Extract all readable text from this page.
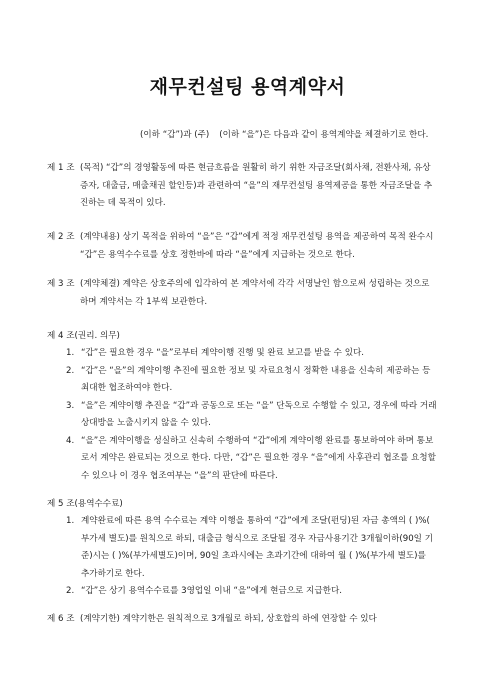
재무컨설팅 용역계약서
(이하 “갑”)과 (주) (이하 “을”)은 다음과 같이 용역계약을 체결하기로 한다.
제 1 조 (목적) “갑”의 경영활동에 따른 현금흐름을 원활히 하기 위한 자금조달(회사채, 전환사채, 유상
증자, 대출금, 매출채권 할인등)과 관련하여 “을”의 재무컨설팅 용역제공을 통한 자금조달을 추
진하는 데 목적이 있다.
제 2 조 (계약내용) 상기 목적을 위하여 “을”은 “갑”에게 적정 재무컨설팅 용역을 제공하여 목적 완수시
“갑”은 용역수수료를 상호 정한바에 따라 “을”에게 지급하는 것으로 한다.
제 3 조 (계약체결) 계약은 상호주의에 입각하여 본 계약서에 각각 서명날인 함으로써 성립하는 것으로
하며 계약서는 각 1부씩 보관한다.
제 4 조(권리. 의무)
1. “갑”은 필요한 경우 “을”로부터 계약이행 진행 및 완료 보고를 받을 수 있다.
2. “갑”은 “을”의 계약이행 추진에 필요한 정보 및 자료요청시 정확한 내용을 신속히 제공하는 등
최대한 협조하여야 한다.
3. “을”은 계약이행 추진을 “갑”과 공동으로 또는 “을” 단독으로 수행할 수 있고, 경우에 따라 거래
상대방을 노출시키지 않을 수 있다.
4. “을”은 계약이행을 성실하고 신속히 수행하여 “갑”에게 계약이행 완료를 통보하여야 하며 통보
로서 계약은 완료되는 것으로 한다. 다만, “갑”은 필요한 경우 “을”에게 사후관리 협조를 요청할
수 있으나 이 경우 협조여부는 “을”의 판단에 따른다.
제 5 조(용역수수료)
1. 계약완료에 따른 용역 수수료는 계약 이행을 통하여 “갑”에게 조달(펀딩)된 자금 총액의 ( )%(
부가세 별도)를 원칙으로 하되, 대출금 형식으로 조달될 경우 자금사용기간 3개월이하(90일 기
준)시는 ( )%(부가세별도)이며, 90일 초과시에는 초과기간에 대하여 월 ( )%(부가세 별도)를
추가하기로 한다.
2. “갑”은 상기 용역수수료를 3영업일 이내 “을”에게 현금으로 지급한다.
제 6 조 (계약기한) 계약기한은 원칙적으로 3개월로 하되, 상호합의 하에 연장할 수 있다
